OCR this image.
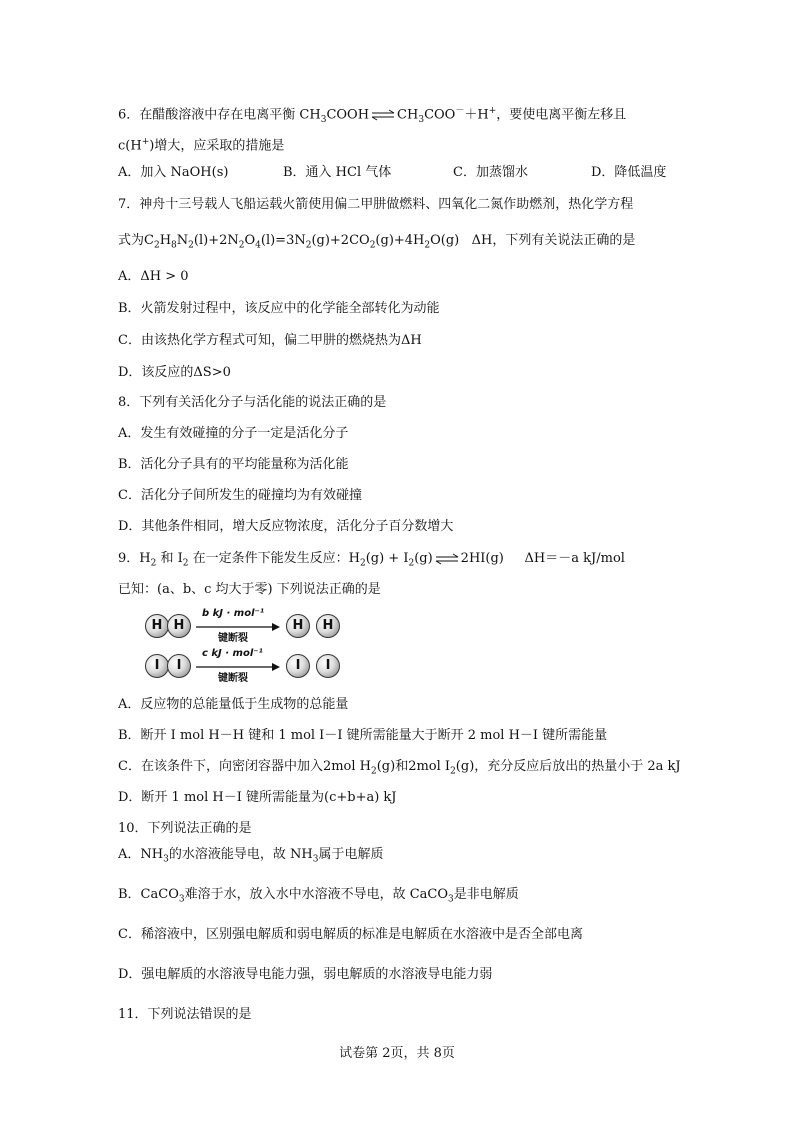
6．在醋酸溶液中存在电离平衡 $CH_3COOH$ ⇌ $CH_3COO^-+H^+$，要使电离平衡左移且
c(H+)增大，应采取的措施是
A．加入 NaOH(s)	B．通入 HCl 气体	C．加蒸馏水	D．降低温度
7．神舟十三号载人飞船运载火箭使用偏二甲肼做燃料、四氧化二氮作助燃剂，热化学方程
式为$C_2H_8N_2(l)+2N_2O_4(l)=3N_2(g)+2CO_2(g)+4H_2O(g)$   ΔH，下列有关说法正确的是
A．ΔH > 0
B．火箭发射过程中，该反应中的化学能全部转化为动能
C．由该热化学方程式可知，偏二甲肼的燃烧热为ΔH
D．该反应的ΔS>0
8．下列有关活化分子与活化能的说法正确的是
A．发生有效碰撞的分子一定是活化分子
B．活化分子具有的平均能量称为活化能
C．活化分子间所发生的碰撞均为有效碰撞
D．其他条件相同，增大反应物浓度，活化分子百分数增大
9．$H_2$ 和 $I_2$ 在一定条件下能发生反应：$H_2(g) + I_2(g)$ ⇌ 2HI(g)     ΔH＝－a kJ/mol
已知：(a、b、c 均大于零) 下列说法正确的是
H H
b kJ · mol⁻¹
键断裂
H	H
I	I
c kJ · mol⁻¹
键断裂
I	I
A．反应物的总能量低于生成物的总能量
B．断开 I mol H－H 键和 1 mol I－I 键所需能量大于断开 2 mol H－I 键所需能量
C．在该条件下，向密闭容器中加入2mol $H_2(g)$和2mol $I_2(g)$，充分反应后放出的热量小于 2a kJ
D．断开 1 mol H－I 键所需能量为(c+b+a) kJ
10．下列说法正确的是
A．$NH_3$的水溶液能导电，故 $NH_3$属于电解质
B．CaCO$_3$难溶于水，放入水中水溶液不导电，故 CaCO$_3$是非电解质
C．稀溶液中，区别强电解质和弱电解质的标准是电解质在水溶液中是否全部电离
D．强电解质的水溶液导电能力强，弱电解质的水溶液导电能力弱
11．下列说法错误的是
试卷第 2页，共 8页
